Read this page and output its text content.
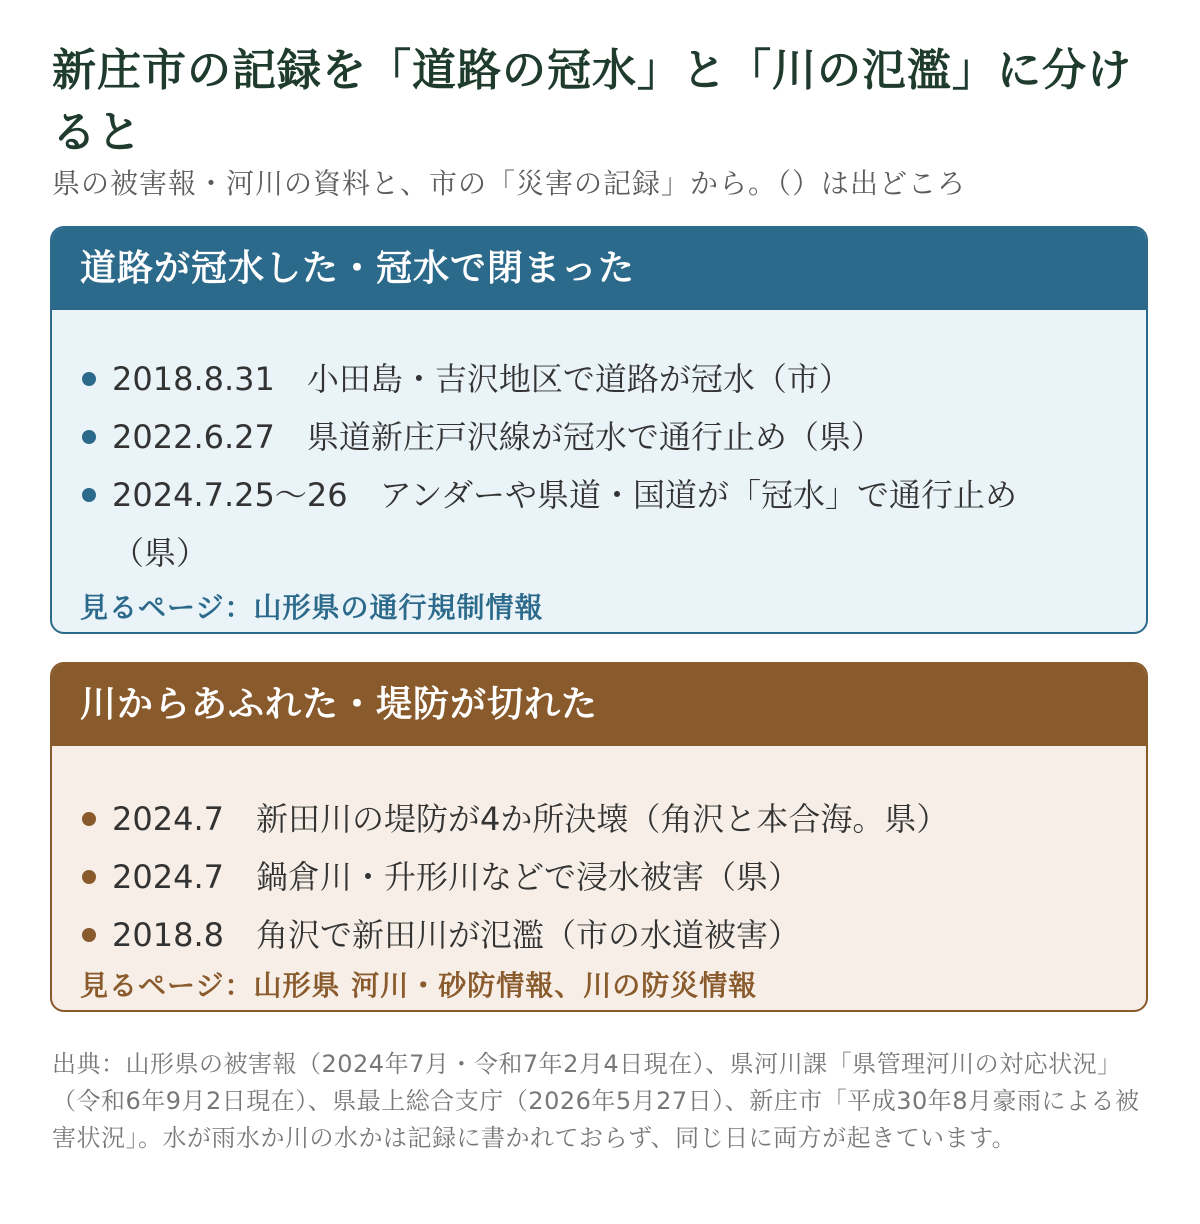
新庄市の記録を「道路の冠水」と「川の氾濫」に分けると
県の被害報・河川の資料と、市の「災害の記録」から。（）は出どころ
道路が冠水した・冠水で閉まった
2018.8.31　 小田島・吉沢地区で道路が冠水（市）
2022.6.27　 県道新庄戸沢線が冠水で通行止め（県）
2024.7.25〜26　 アンダーや県道・国道が「冠水」で通行止め（県）
見るページ：山形県の通行規制情報
川からあふれた・堤防が切れた
2024.7　 新田川の堤防が4か所決壊（角沢と本合海。県）
2024.7　 鍋倉川・升形川などで浸水被害（県）
2018.8　 角沢で新田川が氾濫（市の水道被害）
見るページ：山形県 河川・砂防情報、川の防災情報
出典：山形県の被害報（2024年7月・令和7年2月4日現在）、県河川課「県管理河川の対応状況」（令和6年9月2日現在）、県最上総合支庁（2026年5月27日）、新庄市「平成30年8月豪雨による被害状況」。水が雨水か川の水かは記録に書かれておらず、同じ日に両方が起きています。
